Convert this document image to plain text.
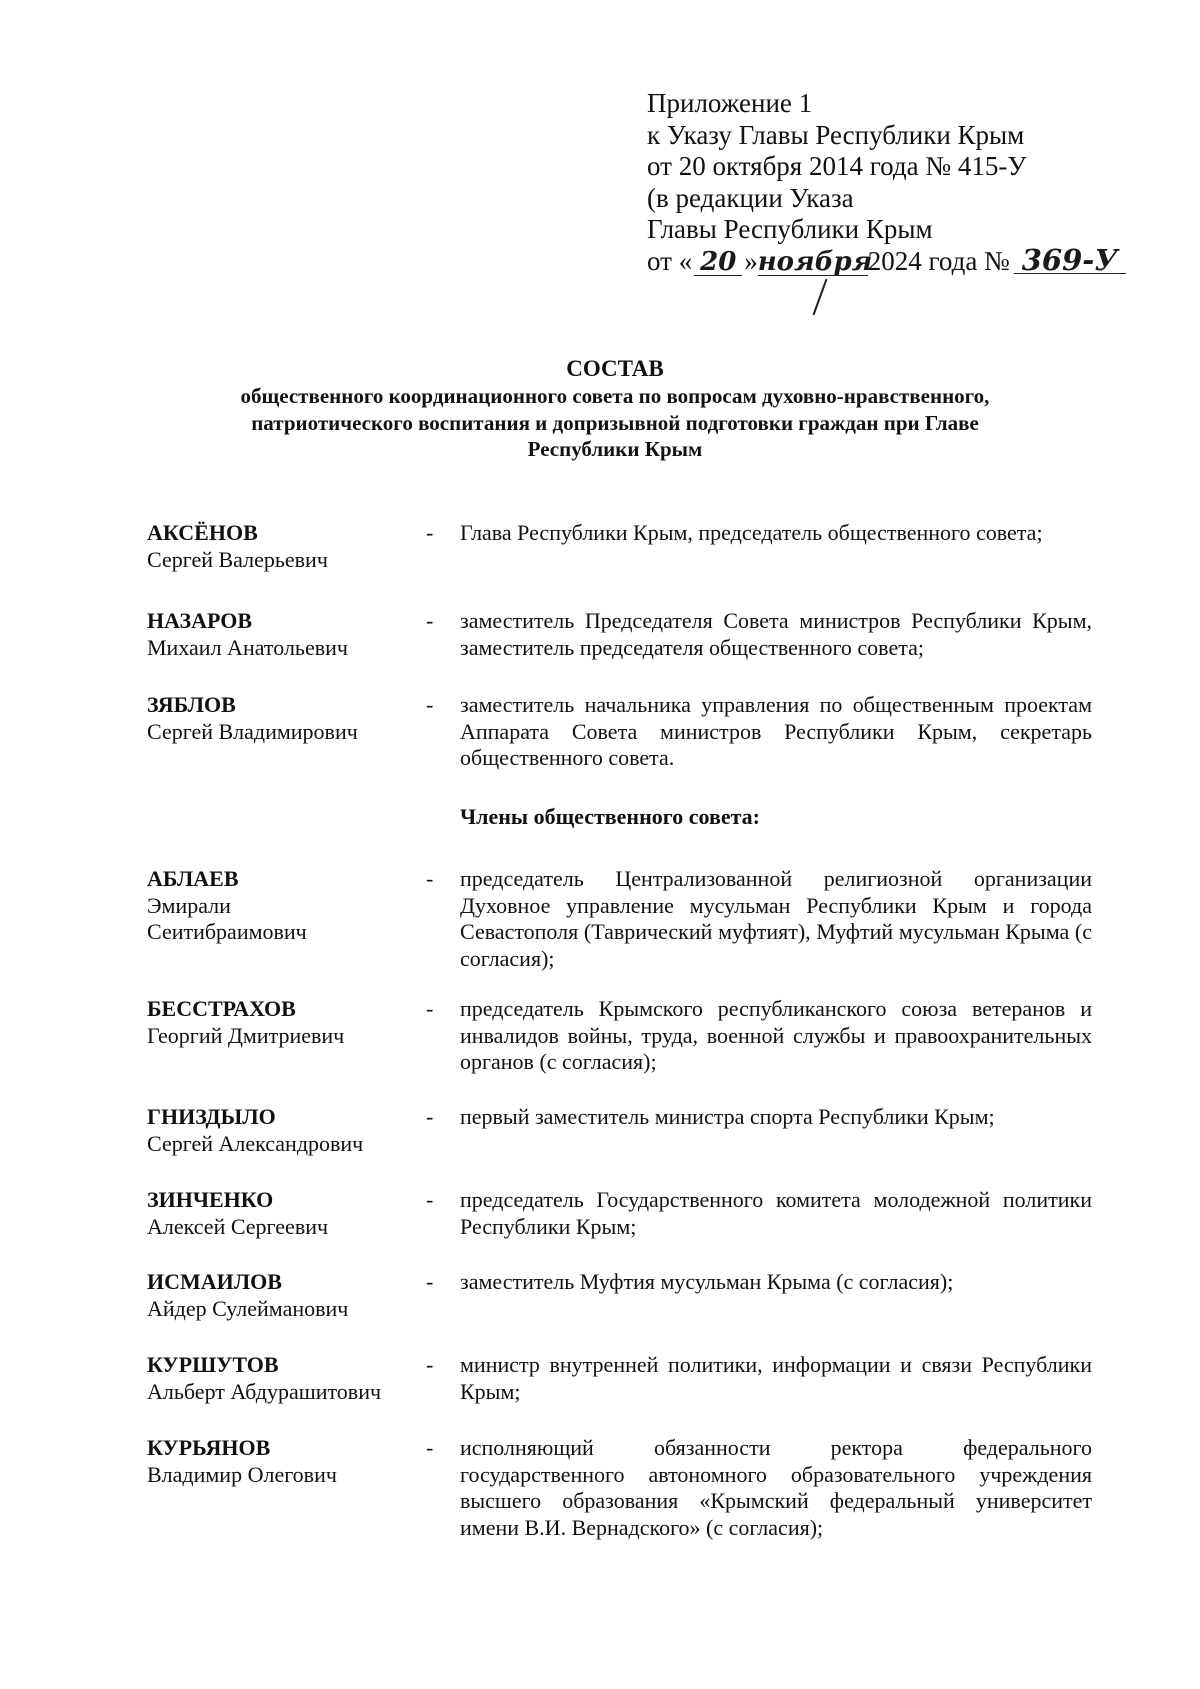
Приложение 1
к Указу Главы Республики Крым
от 20 октября 2014 года № 415-У
(в редакции Указа
Главы Республики Крым
от « 20 »ноября2024 года № 369-У
СОСТАВ
общественного координационного совета по вопросам духовно-нравственного,
патриотического воспитания и допризывной подготовки граждан при Главе
Республики Крым
АКСЁНОВ
Сергей Валерьевич
- Глава Республики Крым, председатель общественного совета;
НАЗАРОВ
Михаил Анатольевич
- заместитель Председателя Совета министров Республики Крым, заместитель председателя общественного совета;
ЗЯБЛОВ
Сергей Владимирович
- заместитель начальника управления по общественным проектам Аппарата Совета министров Республики Крым, секретарь общественного совета.
Члены общественного совета:
АБЛАЕВ
Эмирали
Сеитибраимович
- председатель Централизованной религиозной организации Духовное управление мусульман Республики Крым и города Севастополя (Таврический муфтият), Муфтий мусульман Крыма (с согласия);
БЕССТРАХОВ
Георгий Дмитриевич
- председатель Крымского республиканского союза ветеранов и инвалидов войны, труда, военной службы и правоохранительных органов (с согласия);
ГНИЗДЫЛО
Сергей Александрович
- первый заместитель министра спорта Республики Крым;
ЗИНЧЕНКО
Алексей Сергеевич
- председатель Государственного комитета молодежной политики Республики Крым;
ИСМАИЛОВ
Айдер Сулейманович
- заместитель Муфтия мусульман Крыма (с согласия);
КУРШУТОВ
Альберт Абдурашитович
- министр внутренней политики, информации и связи Республики Крым;
КУРЬЯНОВ
Владимир Олегович
- исполняющий обязанности ректора федерального государственного автономного образовательного учреждения высшего образования «Крымский федеральный университет имени В.И. Вернадского» (с согласия);
